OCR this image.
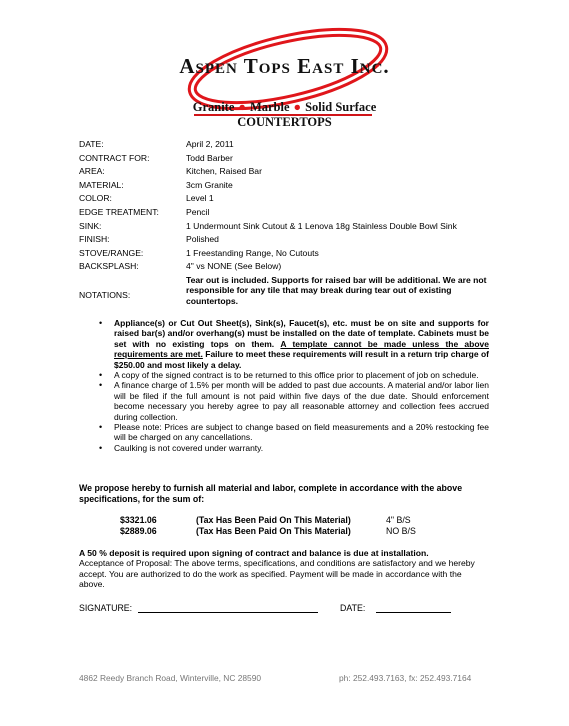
Aspen Tops East Inc.
Granite ● Marble ● Solid Surface
COUNTERTOPS
DATE:	April 2, 2011
CONTRACT FOR:	Todd Barber
AREA:	Kitchen, Raised Bar
MATERIAL:	3cm Granite
COLOR:	Level 1
EDGE TREATMENT:	Pencil
SINK:	1 Undermount Sink Cutout & 1 Lenova 18g Stainless Double Bowl Sink
FINISH:	Polished
STOVE/RANGE:	1 Freestanding Range, No Cutouts
BACKSPLASH:	4" vs NONE (See Below)
NOTATIONS:
Tear out is included. Supports for raised bar will be additional. We are not responsible for any tile that may break during tear out of existing countertops.
• Appliance(s) or Cut Out Sheet(s), Sink(s), Faucet(s), etc. must be on site and supports for raised bar(s) and/or overhang(s) must be installed on the date of template. Cabinets must be set with no existing tops on them. A template cannot be made unless the above requirements are met. Failure to meet these requirements will result in a return trip charge of $250.00 and most likely a delay.
• A copy of the signed contract is to be returned to this office prior to placement of job on schedule.
• A finance charge of 1.5% per month will be added to past due accounts. A material and/or labor lien will be filed if the full amount is not paid within five days of the due date. Should enforcement become necessary you hereby agree to pay all reasonable attorney and collection fees accrued during collection.
• Please note: Prices are subject to change based on field measurements and a 20% restocking fee will be charged on any cancellations.
• Caulking is not covered under warranty.
We propose hereby to furnish all material and labor, complete in accordance with the above specifications, for the sum of:
$3321.06	(Tax Has Been Paid On This Material)	4" B/S
$2889.06	(Tax Has Been Paid On This Material)	NO B/S
A 50 % deposit is required upon signing of contract and balance is due at installation.
Acceptance of Proposal: The above terms, specifications, and conditions are satisfactory and we hereby accept. You are authorized to do the work as specified. Payment will be made in accordance with the above.
SIGNATURE:	DATE:
4862 Reedy Branch Road, Winterville, NC 28590	ph: 252.493.7163, fx: 252.493.7164
